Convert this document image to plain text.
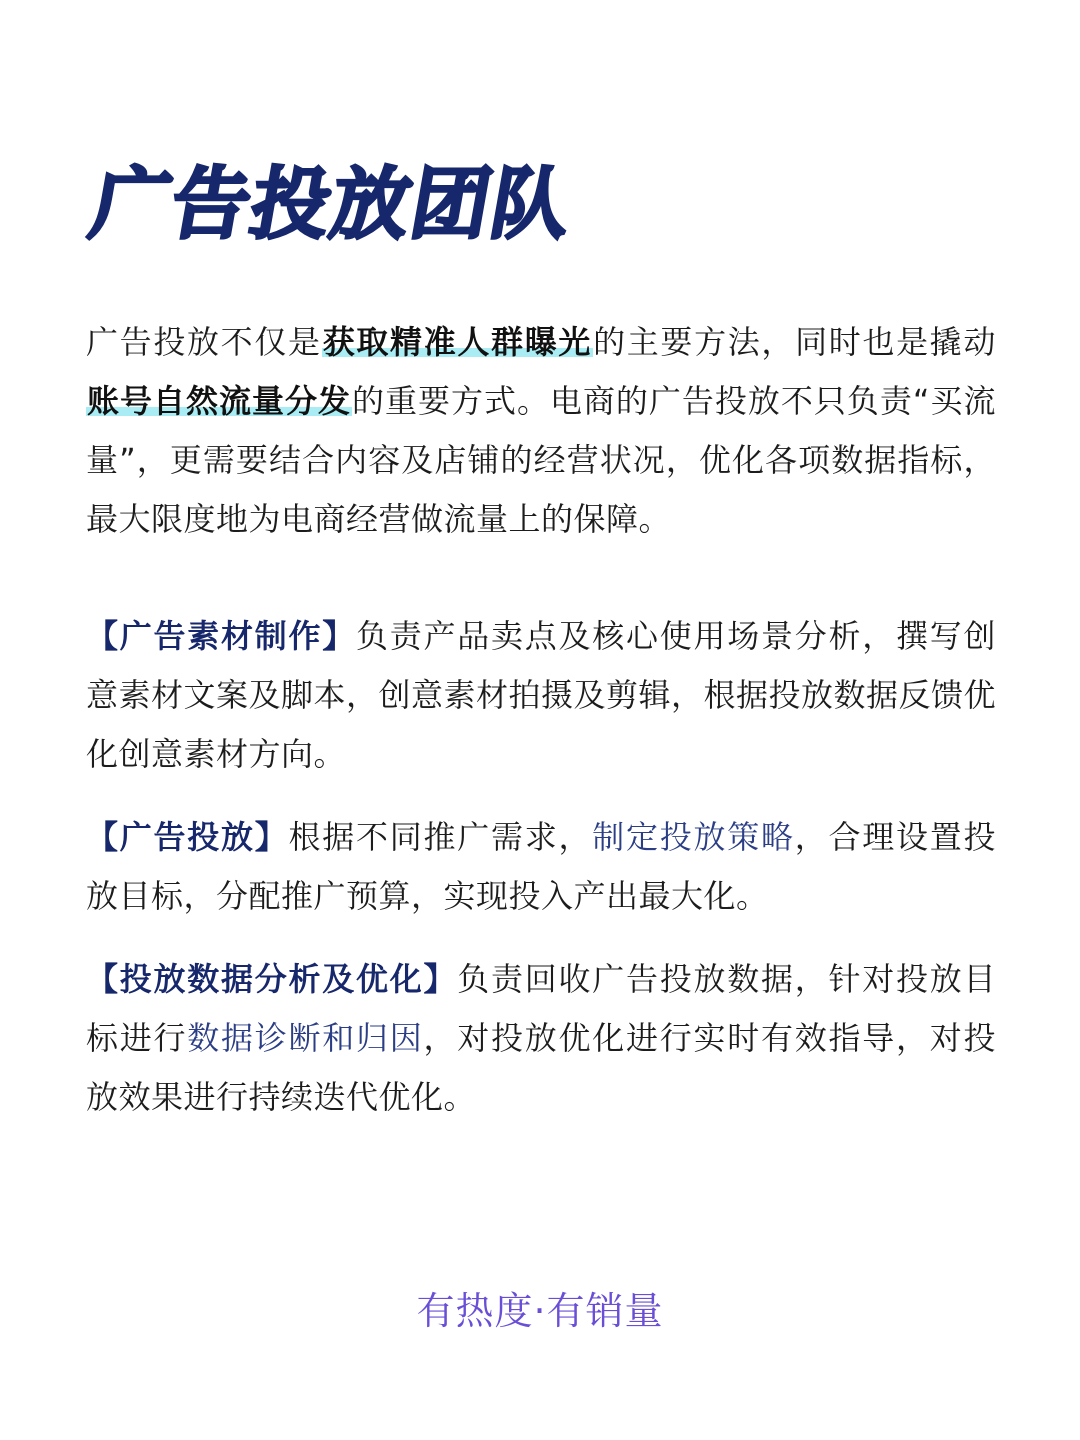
广告投放团队

广告投放不仅是获取精准人群曝光的主要方法，同时也是撬动账号自然流量分发的重要方式。电商的广告投放不只负责“买流量”，更需要结合内容及店铺的经营状况，优化各项数据指标，最大限度地为电商经营做流量上的保障。

【广告素材制作】负责产品卖点及核心使用场景分析，撰写创意素材文案及脚本，创意素材拍摄及剪辑，根据投放数据反馈优化创意素材方向。

【广告投放】根据不同推广需求，制定投放策略，合理设置投放目标，分配推广预算，实现投入产出最大化。

【投放数据分析及优化】负责回收广告投放数据，针对投放目标进行数据诊断和归因，对投放优化进行实时有效指导，对投放效果进行持续迭代优化。

有热度·有销量
